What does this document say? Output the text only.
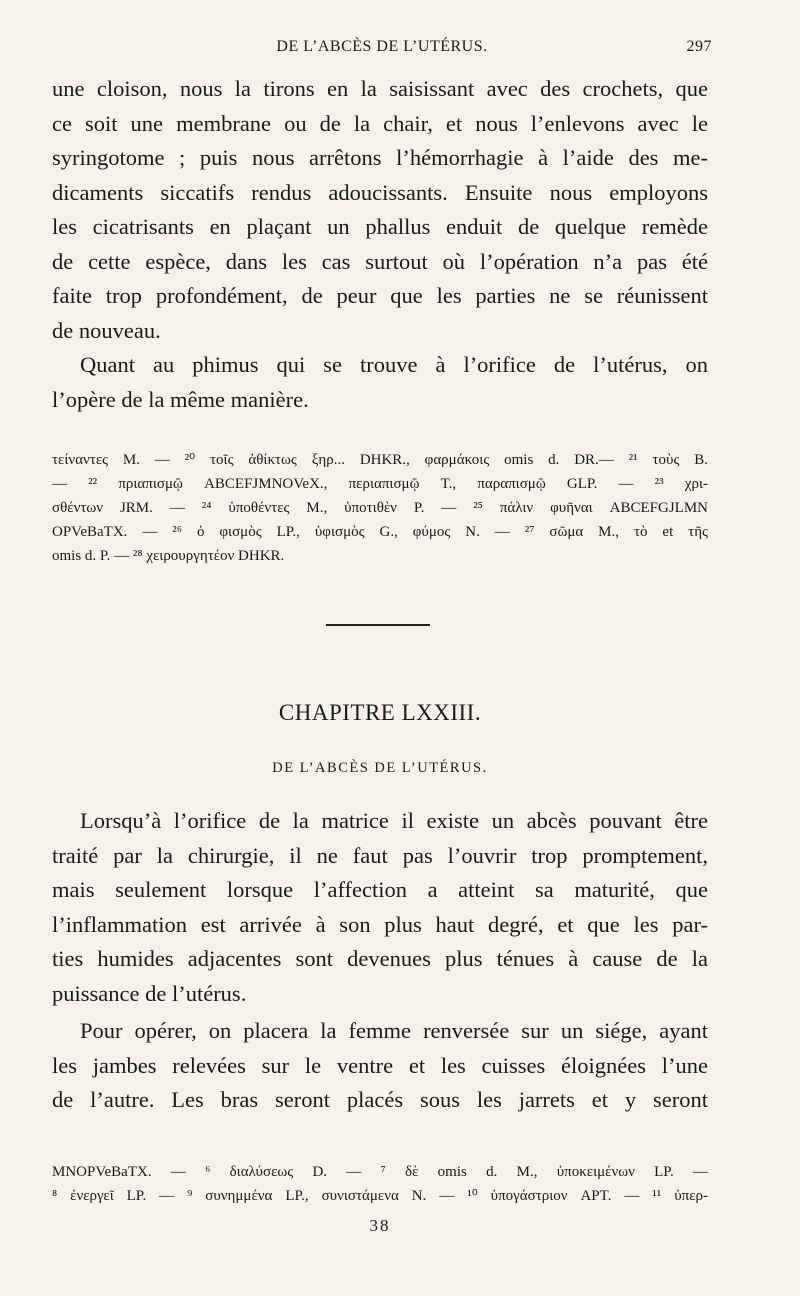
DE L’ABCÈS DE L’UTÉRUS.	297
une cloison, nous la tirons en la saisissant avec des crochets, que
ce soit une membrane ou de la chair, et nous l’enlevons avec le
syringotome ; puis nous arrêtons l’hémorrhagie à l’aide des me-
dicaments siccatifs rendus adoucissants. Ensuite nous employons
les cicatrisants en plaçant un phallus enduit de quelque remède
de cette espèce, dans les cas surtout où l’opération n’a pas été
faite trop profondément, de peur que les parties ne se réunissent
de nouveau.
Quant au phimus qui se trouve à l’orifice de l’utérus, on
l’opère de la même manière.
τείναντες M. — ²⁰ τοῖς ἀθίκτως ξηρ... DHKR., φαρμάκοις omis d. DR.— ²¹ τοὺς B.
— ²² πριαπισμῷ ABCEFJMNOVeX., περιαπισμῷ T., παραπισμῷ GLP. — ²³ χρι-
σθέντων JRM. — ²⁴ ὑποθέντες M., ὑποτιθὲν P. — ²⁵ πάλιν φυῆναι ABCEFGJLMN
OPVeBaTX. — ²⁶ ὁ φισμὸς LP., ὑφισμὸς G., φύμος N. — ²⁷ σῶμα M., τὸ et τῆς
omis d. P. — ²⁸ χειρουργητέον DHKR.
CHAPITRE LXXIII.
DE L’ABCÈS DE L’UTÉRUS.
Lorsqu’à l’orifice de la matrice il existe un abcès pouvant être
traité par la chirurgie, il ne faut pas l’ouvrir trop promptement,
mais seulement lorsque l’affection a atteint sa maturité, que
l’inflammation est arrivée à son plus haut degré, et que les par-
ties humides adjacentes sont devenues plus ténues à cause de la
puissance de l’utérus.
Pour opérer, on placera la femme renversée sur un siége, ayant
les jambes relevées sur le ventre et les cuisses éloignées l’une
de l’autre. Les bras seront placés sous les jarrets et y seront
MNOPVeBaTX. — ⁶ διαλύσεως D. — ⁷ δὲ omis d. M., ὑποκειμένων LP. —
⁸ ἐνεργεῖ LP. — ⁹ συνημμένα LP., συνιστάμενα N. — ¹⁰ ὑπογάστριον APT. — ¹¹ ὑπερ-
38
